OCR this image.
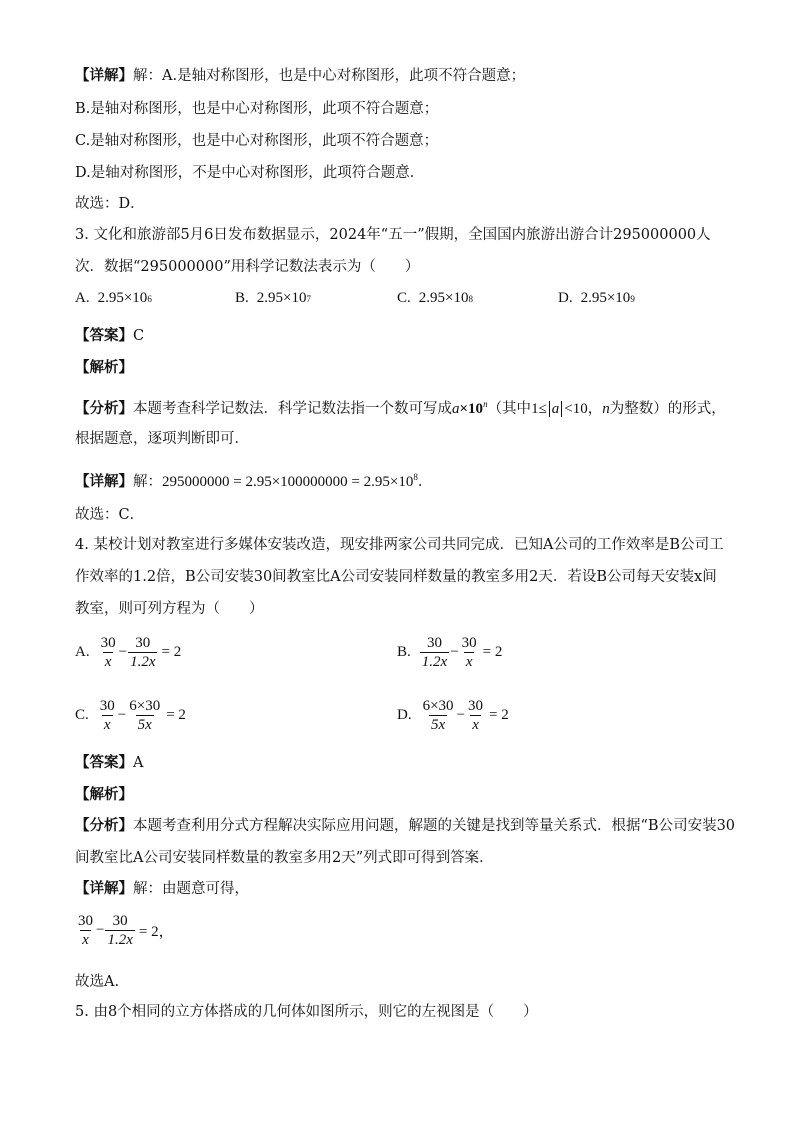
【详解】解：A.是轴对称图形，也是中心对称图形，此项不符合题意；
B.是轴对称图形，也是中心对称图形，此项不符合题意；
C.是轴对称图形，也是中心对称图形，此项不符合题意；
D.是轴对称图形，不是中心对称图形，此项符合题意．
故选：D．
3. 文化和旅游部5月6日发布数据显示，2024年“五一”假期，全国国内旅游出游合计295000000人
次．数据“295000000”用科学记数法表示为（　　）
A. 2.95×10 6	B. 2.95×10 7	C. 2.95×10 8	D. 2.95×10 9
【答案】C
【解析】
【分析】本题考查科学记数法．科学记数法指一个数可写成$a\times 10^n$（其中1≤ a <10，n为整数）的形式，
根据题意，逐项判断即可．
【详解】解：$295000000 = 2.95\times 100000000 = 2.95\times 10^8$．
故选：C．
4. 某校计划对教室进行多媒体安装改造，现安排两家公司共同完成．已知A公司的工作效率是B公司工
作效率的1.2倍，B公司安装30间教室比A公司安装同样数量的教室多用2天．若设B公司每天安装x间
教室，则可列方程为（　　）
A. $\frac{30}{x} - \frac{30}{1.2x} = 2$	B. $\frac{30}{1.2x} - \frac{30}{x} = 2$
C. $\frac{30}{x} - \frac{6\times 30}{5x} = 2$	D. $\frac{6\times 30}{5x} - \frac{30}{x} = 2$
【答案】A
【解析】
【分析】本题考查利用分式方程解决实际应用问题，解题的关键是找到等量关系式．根据“B公司安装30
间教室比A公司安装同样数量的教室多用2天”列式即可得到答案．
【详解】解：由题意可得，
$\frac{30}{x} - \frac{30}{1.2x} = 2$，
故选A.
5. 由8个相同的立方体搭成的几何体如图所示，则它的左视图是（　　）
